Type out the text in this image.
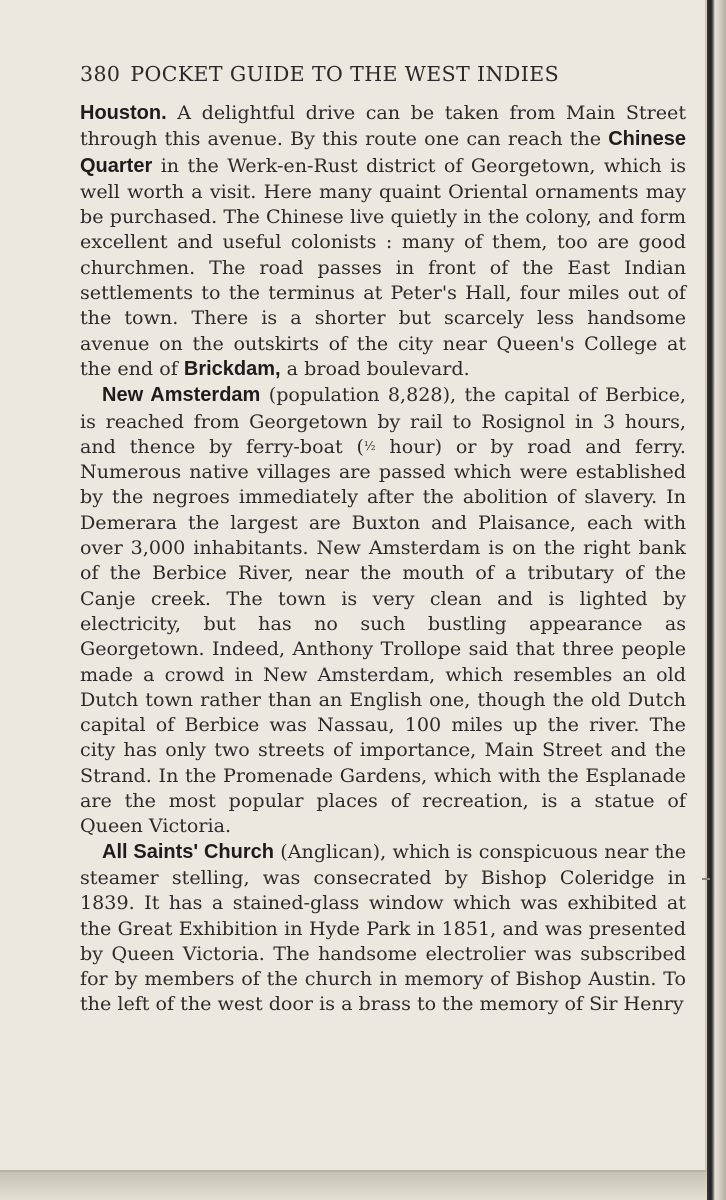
380 POCKET GUIDE TO THE WEST INDIES

Houston. A delightful drive can be taken from Main Street through this avenue. By this route one can reach the Chinese Quarter in the Werk-en-Rust district of Georgetown, which is well worth a visit. Here many quaint Oriental ornaments may be purchased. The Chinese live quietly in the colony, and form excellent and useful colonists : many of them, too are good churchmen. The road passes in front of the East Indian settlements to the terminus at Peter's Hall, four miles out of the town. There is a shorter but scarcely less handsome avenue on the outskirts of the city near Queen's College at the end of Brickdam, a broad boulevard.

New Amsterdam (population 8,828), the capital of Berbice, is reached from Georgetown by rail to Rosignol in 3 hours, and thence by ferry-boat (½ hour) or by road and ferry. Numerous native villages are passed which were established by the negroes immediately after the abolition of slavery. In Demerara the largest are Buxton and Plaisance, each with over 3,000 inhabitants. New Amsterdam is on the right bank of the Berbice River, near the mouth of a tributary of the Canje creek. The town is very clean and is lighted by electricity, but has no such bustling appearance as Georgetown. Indeed, Anthony Trollope said that three people made a crowd in New Amsterdam, which resembles an old Dutch town rather than an English one, though the old Dutch capital of Berbice was Nassau, 100 miles up the river. The city has only two streets of importance, Main Street and the Strand. In the Promenade Gardens, which with the Esplanade are the most popular places of recreation, is a statue of Queen Victoria.

All Saints' Church (Anglican), which is conspicuous near the steamer stelling, was consecrated by Bishop Coleridge in 1839. It has a stained-glass window which was exhibited at the Great Exhibition in Hyde Park in 1851, and was presented by Queen Victoria. The handsome electrolier was subscribed for by members of the church in memory of Bishop Austin. To the left of the west door is a brass to the memory of Sir Henry
